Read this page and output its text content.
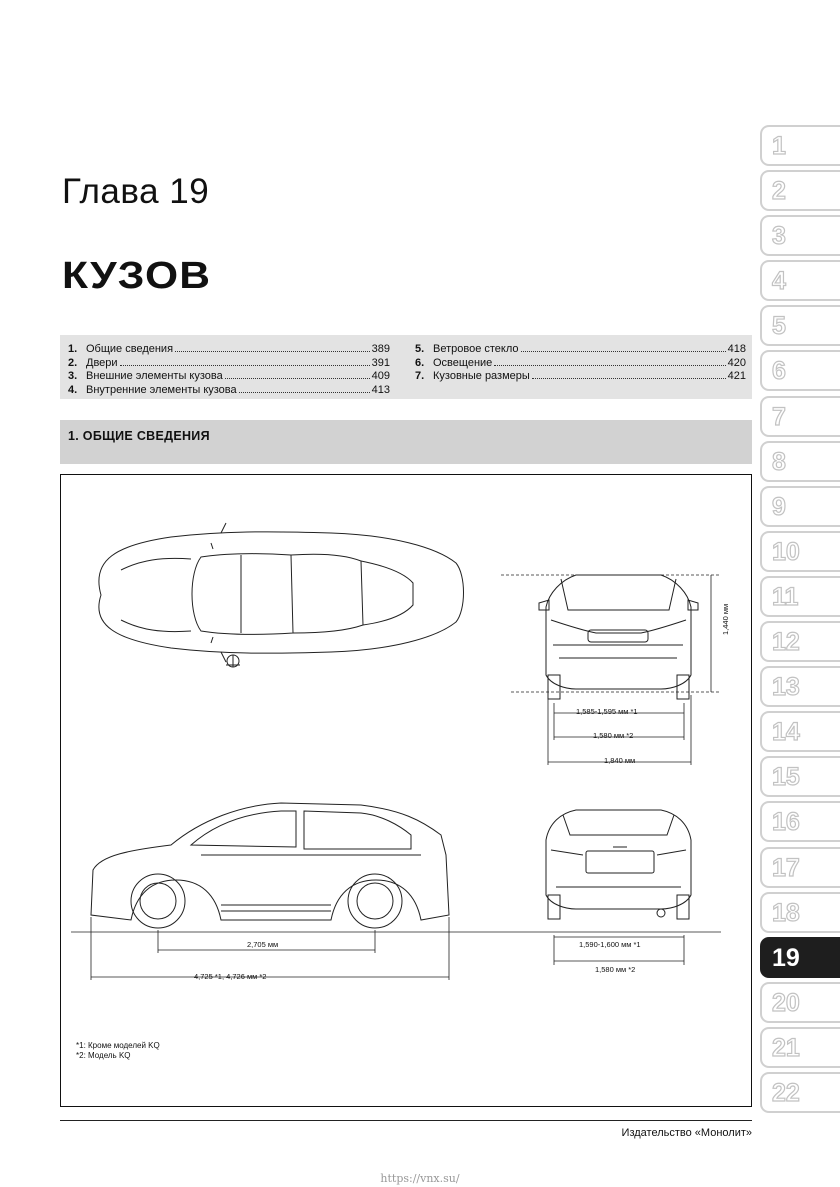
Глава 19
КУЗОВ
1. Общие сведения	389
2. Двери	391
3. Внешние элементы кузова	409
4. Внутренние элементы кузова	413
5. Ветровое стекло	418
6. Освещение	420
7. Кузовные размеры	421
1. ОБЩИЕ СВЕДЕНИЯ
1,440 мм
1,585-1,595 мм *1
1,580 мм *2
1,840 мм
1,590-1,600 мм *1
1,580 мм *2
2,705 мм
4,725 *1, 4,726 мм *2
*1: Кроме моделей KQ
*2: Модель KQ
Издательство «Монолит»
https://vnx.su/
1
2
3
4
5
6
7
8
9
10
11
12
13
14
15
16
17
18
19
20
21
22
